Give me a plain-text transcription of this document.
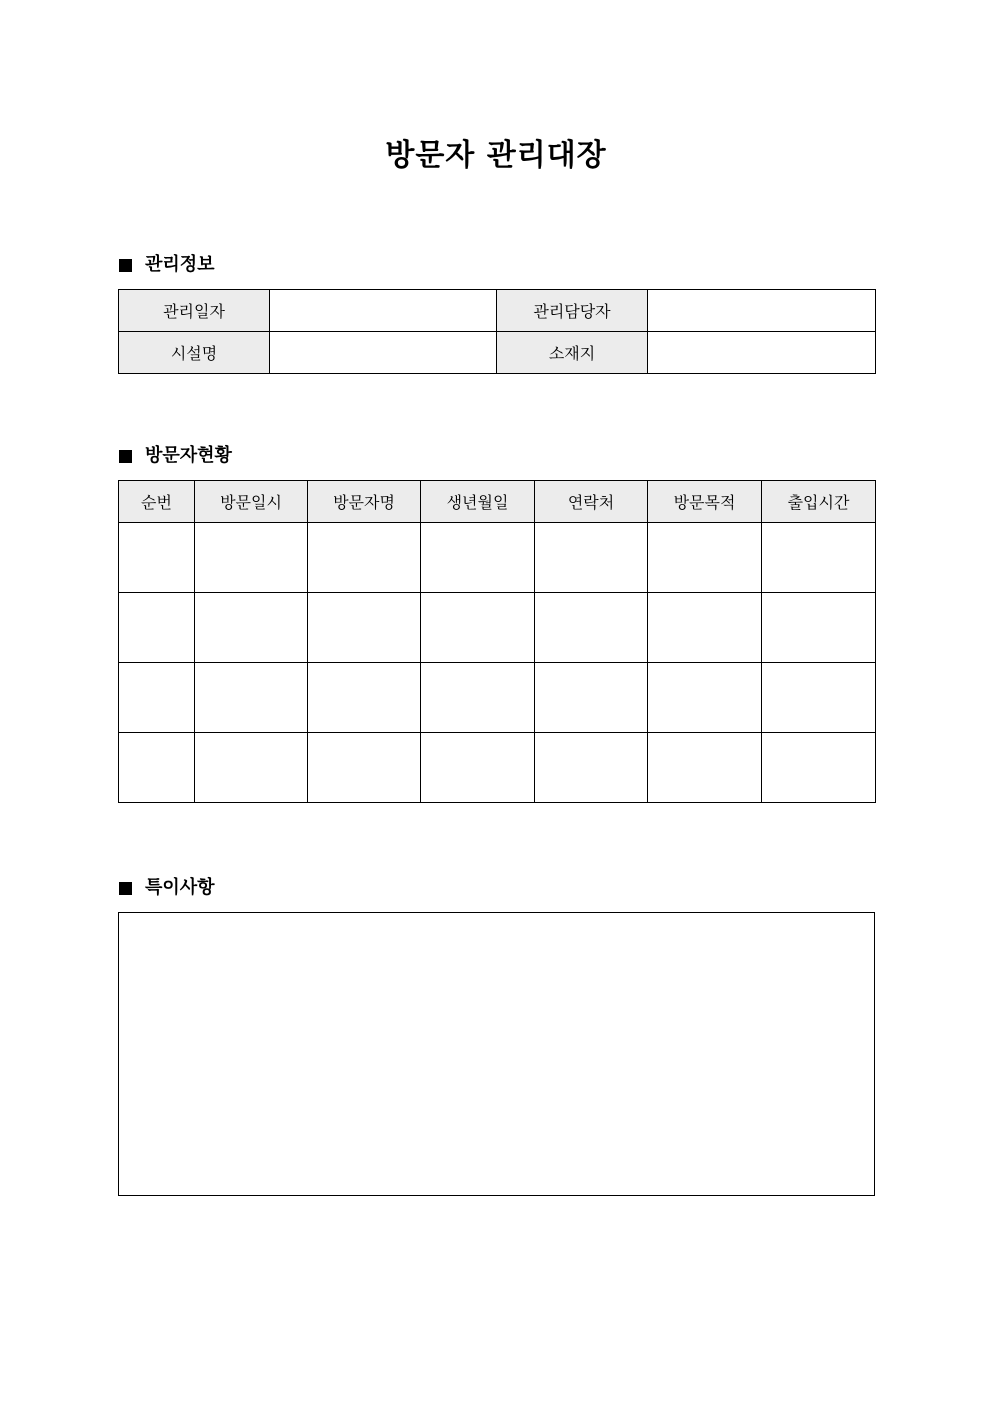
방문자 관리대장
관리정보
관리일자		관리담당자	
시설명		소재지	
방문자현황
순번	방문일시	방문자명	생년월일	연락처	방문목적	출입시간

특이사항
